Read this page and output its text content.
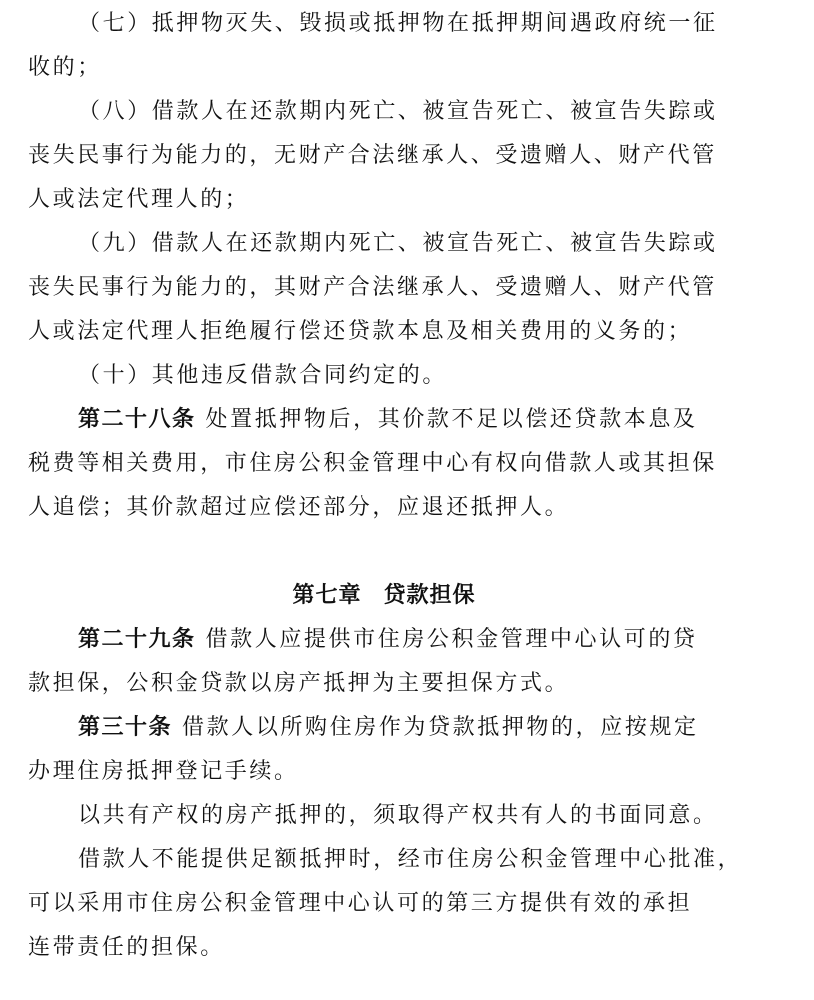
（七）抵押物灭失、毁损或抵押物在抵押期间遇政府统一征
收的；
（八）借款人在还款期内死亡、被宣告死亡、被宣告失踪或
丧失民事行为能力的，无财产合法继承人、受遗赠人、财产代管
人或法定代理人的；
（九）借款人在还款期内死亡、被宣告死亡、被宣告失踪或
丧失民事行为能力的，其财产合法继承人、受遗赠人、财产代管
人或法定代理人拒绝履行偿还贷款本息及相关费用的义务的；
（十）其他违反借款合同约定的。
第二十八条 处置抵押物后，其价款不足以偿还贷款本息及
税费等相关费用，市住房公积金管理中心有权向借款人或其担保
人追偿；其价款超过应偿还部分，应退还抵押人。
第七章 贷款担保
第二十九条 借款人应提供市住房公积金管理中心认可的贷
款担保，公积金贷款以房产抵押为主要担保方式。
第三十条 借款人以所购住房作为贷款抵押物的，应按规定
办理住房抵押登记手续。
以共有产权的房产抵押的，须取得产权共有人的书面同意。
借款人不能提供足额抵押时，经市住房公积金管理中心批准，
可以采用市住房公积金管理中心认可的第三方提供有效的承担
连带责任的担保。
